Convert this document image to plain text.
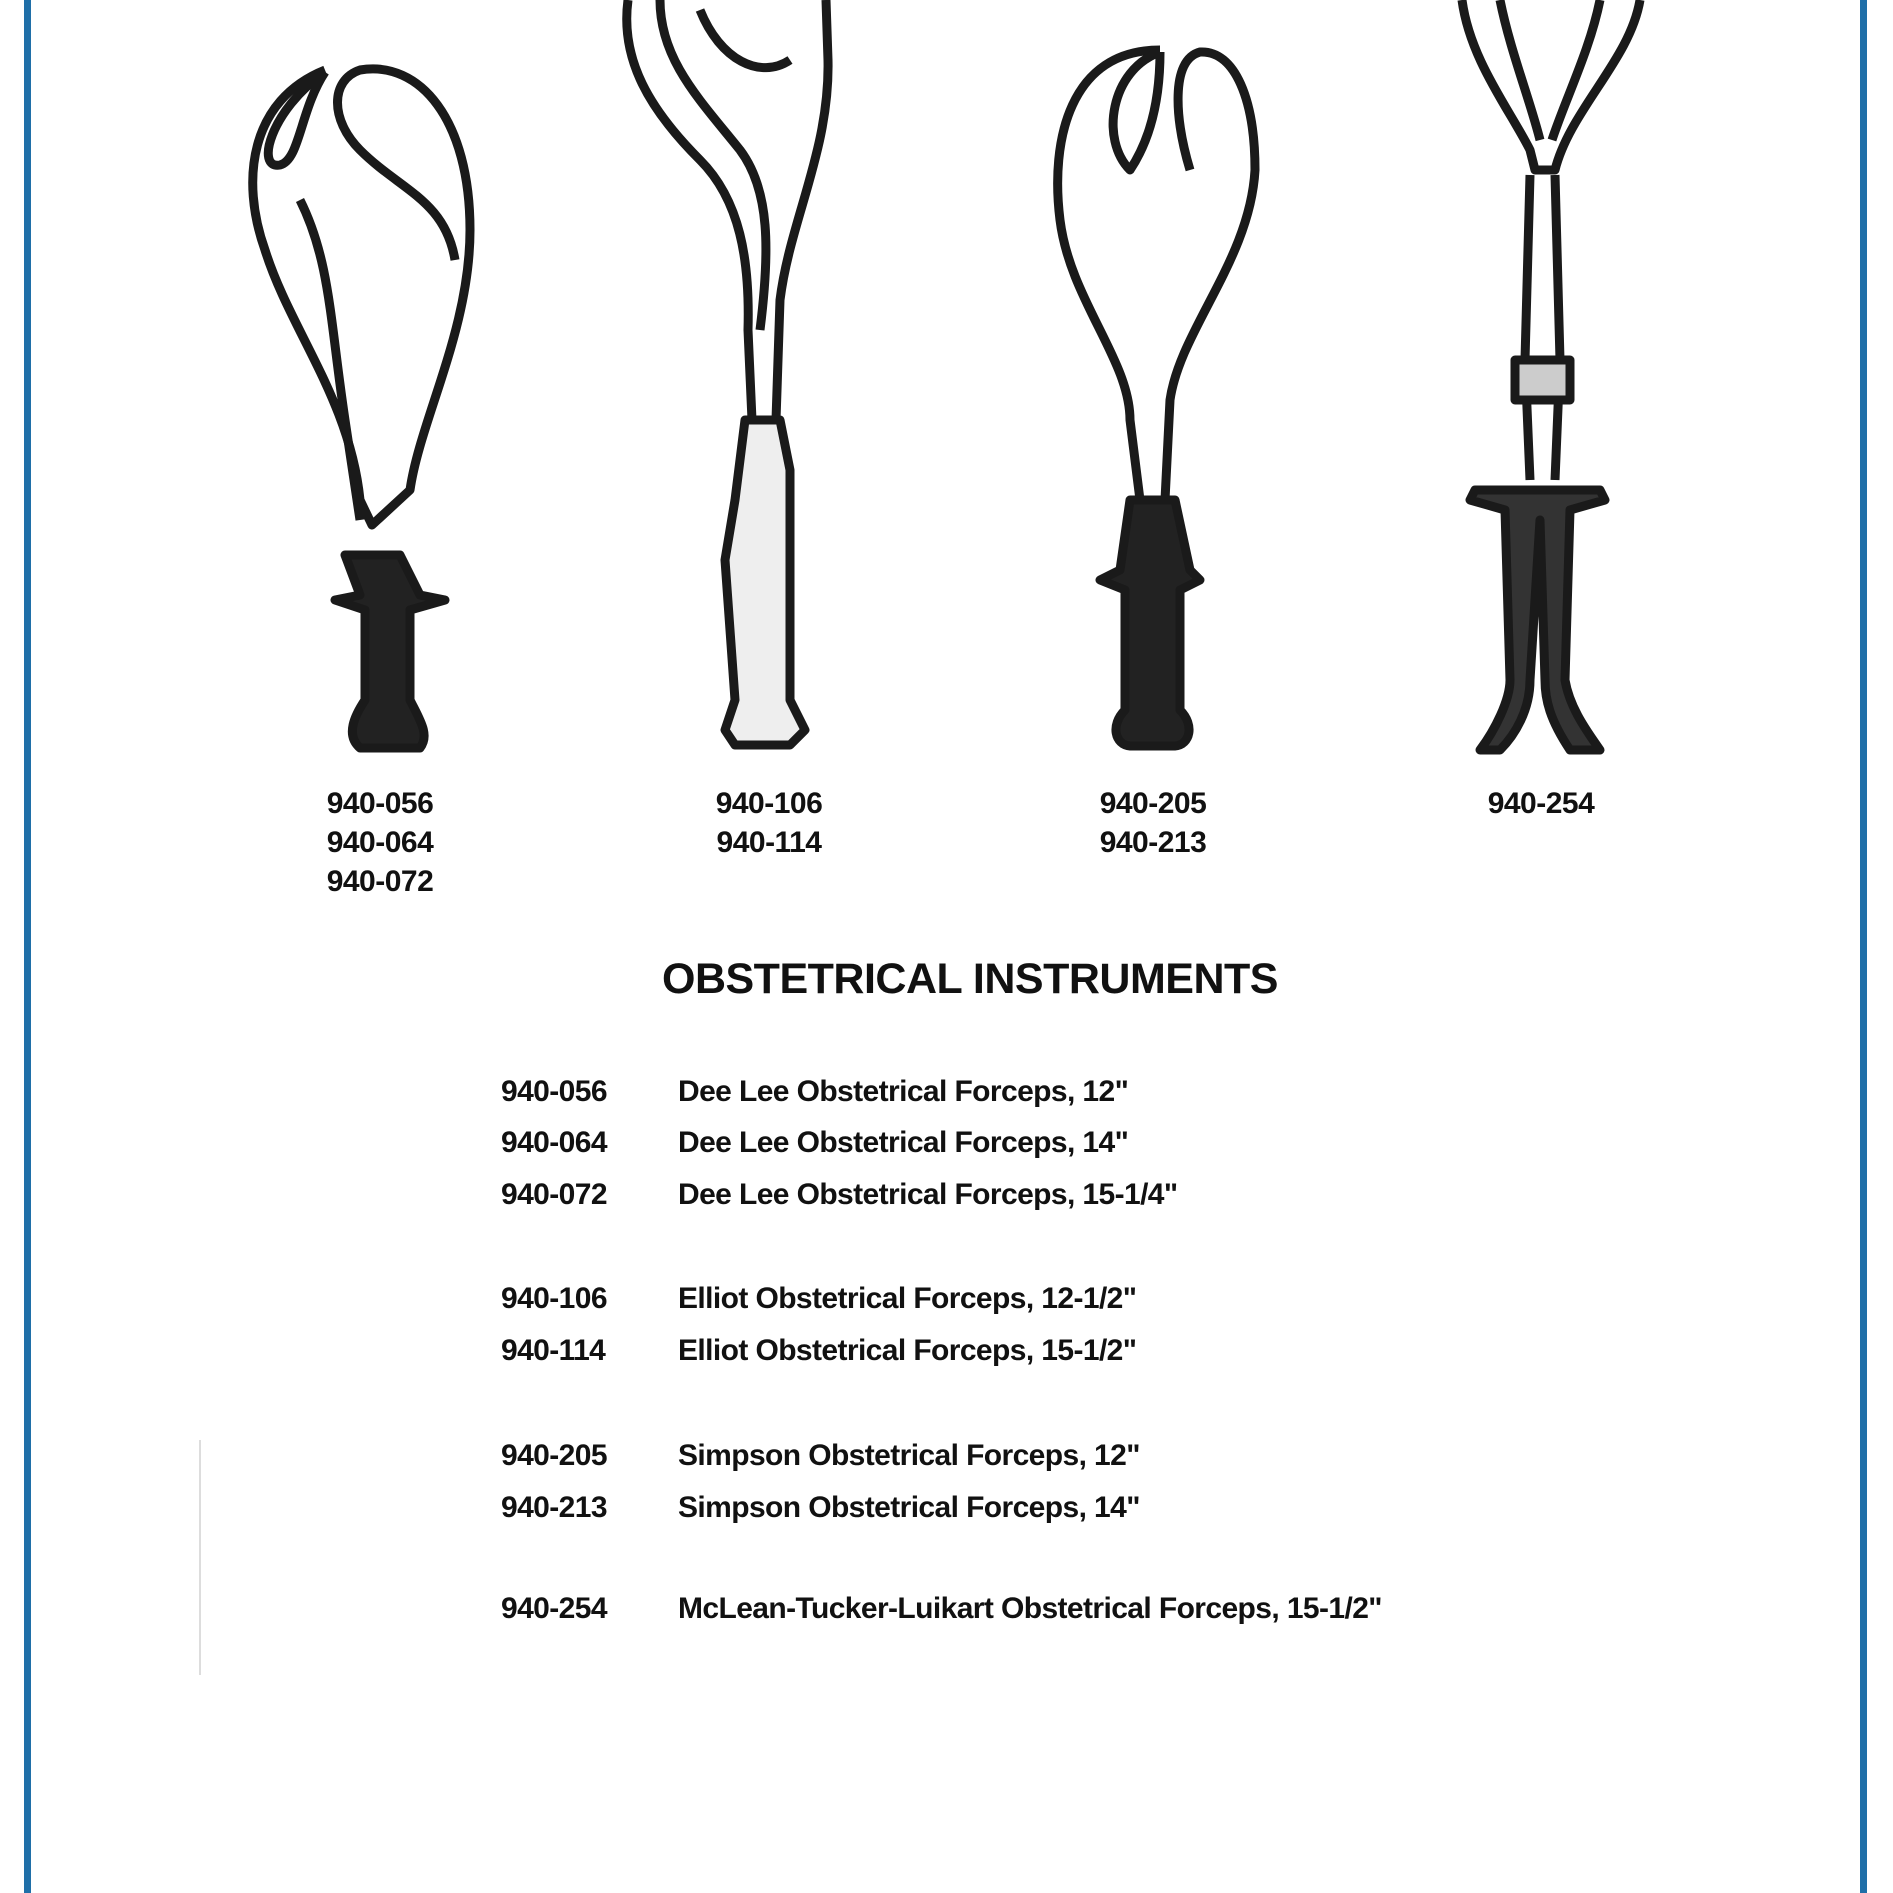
940-056
940-064
940-072
940-106
940-114
940-205
940-213
940-254
OBSTETRICAL INSTRUMENTS
940-056 Dee Lee Obstetrical Forceps, 12"
940-064 Dee Lee Obstetrical Forceps, 14"
940-072 Dee Lee Obstetrical Forceps, 15-1/4"
940-106 Elliot Obstetrical Forceps, 12-1/2"
940-114 Elliot Obstetrical Forceps, 15-1/2"
940-205 Simpson Obstetrical Forceps, 12"
940-213 Simpson Obstetrical Forceps, 14"
940-254 McLean-Tucker-Luikart Obstetrical Forceps, 15-1/2"
